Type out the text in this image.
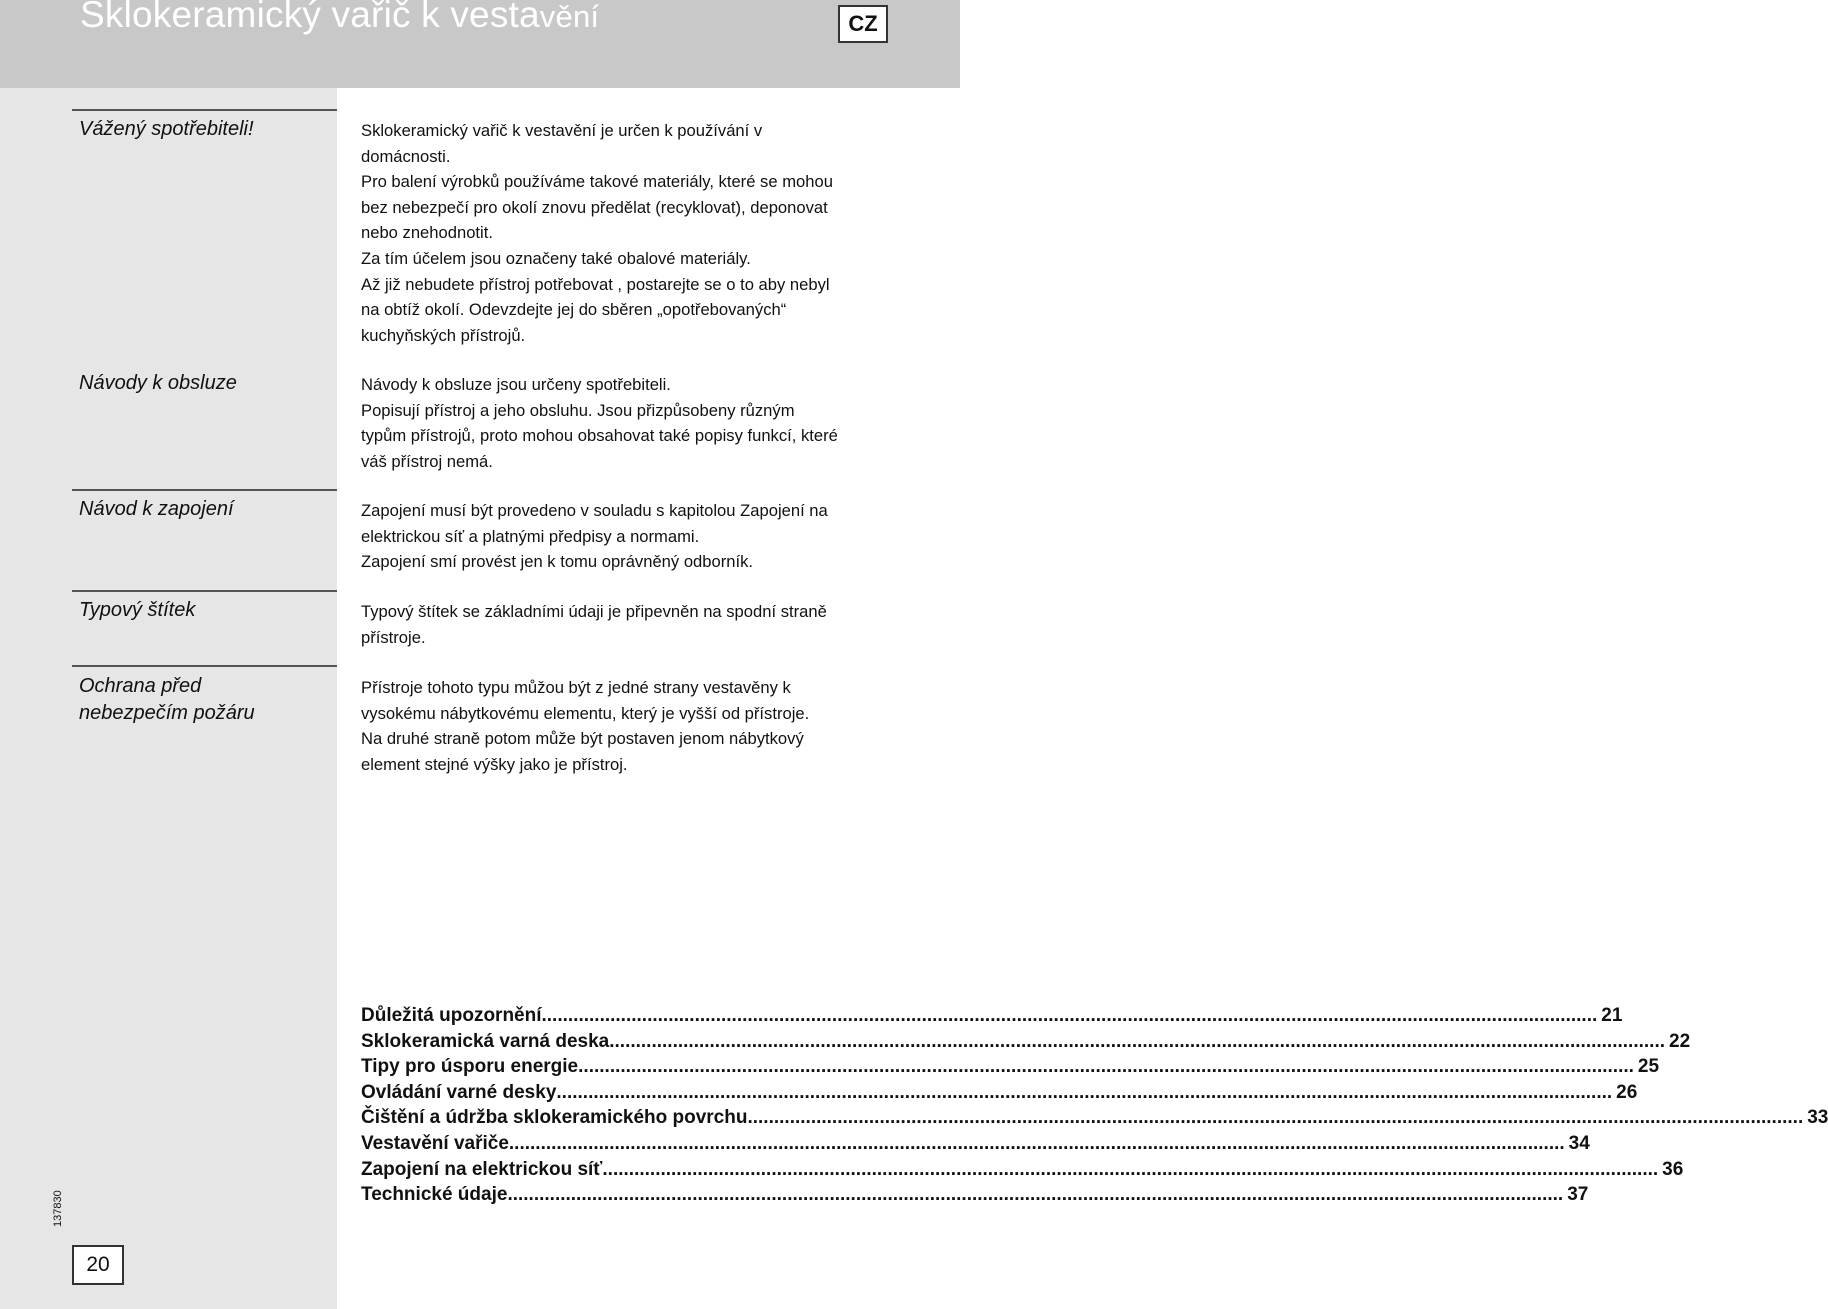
Sklokeramický vařič k vestavění	CZ
Vážený spotřebiteli!	Sklokeramický vařič k vestavění je určen k používání v

domácnosti.

Pro balení výrobků používáme takové materiály, které se mohou

bez nebezpečí pro okolí znovu předělat (recyklovat), deponovat

nebo znehodnotit.

Za tím účelem jsou označeny také obalové materiály.

Až již nebudete přístroj potřebovat , postarejte se o to aby nebyl

na obtíž okolí. Odevzdejte jej do sběren „opotřebovaných“

kuchyňských přístrojů.

Návody k obsluze	Návody k obsluze jsou určeny spotřebiteli.

Popisují přístroj a jeho obsluhu. Jsou přizpůsobeny různým

typům přístrojů, proto mohou obsahovat také popisy funkcí, které

váš přístroj nemá.

Návod k zapojení	Zapojení musí být provedeno v souladu s kapitolou Zapojení na

elektrickou síť a platnými předpisy a normami.

Zapojení smí provést jen k tomu oprávněný odborník.

Typový štítek	Typový štítek se základními údaji je připevněn na spodní straně

přístroje.

Ochrana před
nebezpečím požáru

Přístroje tohoto typu můžou být z jedné strany vestavěny k

vysokému nábytkovému elementu, který je vyšší od přístroje.

Na druhé straně potom může být postaven jenom nábytkový

element stejné výšky jako je přístroj.

Důležitá upozornění ........................................................................................................................................................................................................ 21
Sklokeramická varná deska ........................................................................................................................................................................................................ 22
Tipy pro úsporu energie ........................................................................................................................................................................................................ 25
Ovládání varné desky ........................................................................................................................................................................................................ 26
Čištění a údržba sklokeramického povrchu ........................................................................................................................................................................................................ 33
Vestavění vařiče ........................................................................................................................................................................................................ 34
Zapojení na elektrickou síť ........................................................................................................................................................................................................ 36
Technické údaje ........................................................................................................................................................................................................ 37
137830
20
